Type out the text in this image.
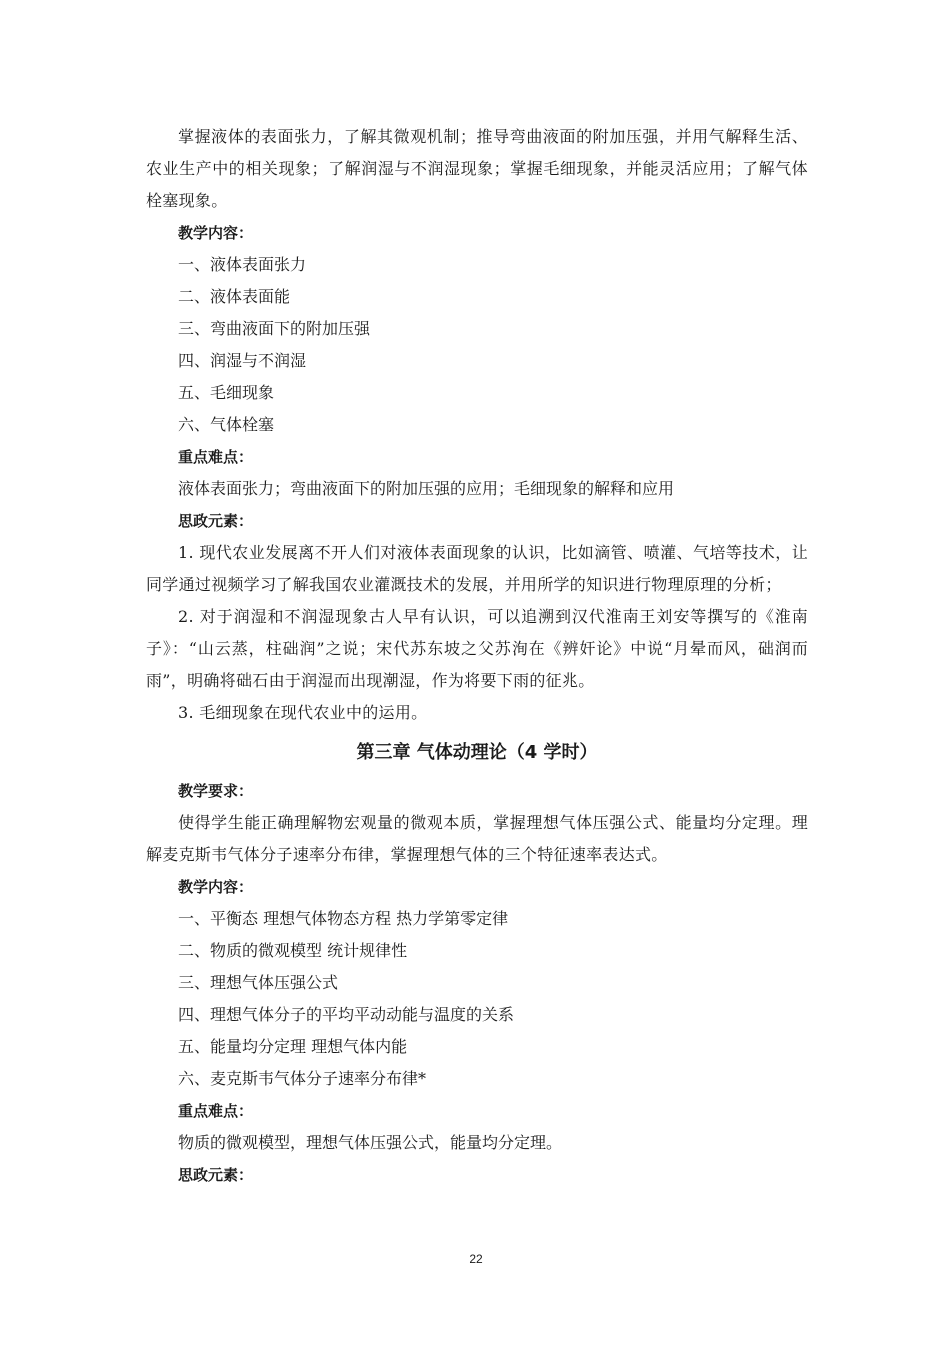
掌握液体的表面张力，了解其微观机制；推导弯曲液面的附加压强，并用气解释生活、农业生产中的相关现象；了解润湿与不润湿现象；掌握毛细现象，并能灵活应用；了解气体栓塞现象。

教学内容：

一、液体表面张力

二、液体表面能

三、弯曲液面下的附加压强

四、润湿与不润湿

五、毛细现象

六、气体栓塞

重点难点：

液体表面张力；弯曲液面下的附加压强的应用；毛细现象的解释和应用

思政元素：

1. 现代农业发展离不开人们对液体表面现象的认识，比如滴管、喷灌、气培等技术，让同学通过视频学习了解我国农业灌溉技术的发展，并用所学的知识进行物理原理的分析；

2. 对于润湿和不润湿现象古人早有认识，可以追溯到汉代淮南王刘安等撰写的《淮南子》：“山云蒸，柱础润”之说；宋代苏东坡之父苏洵在《辨奸论》中说“月晕而风，础润而雨”，明确将础石由于润湿而出现潮湿，作为将要下雨的征兆。

3. 毛细现象在现代农业中的运用。

第三章 气体动理论（4 学时）

教学要求：

使得学生能正确理解物宏观量的微观本质，掌握理想气体压强公式、能量均分定理。理解麦克斯韦气体分子速率分布律，掌握理想气体的三个特征速率表达式。

教学内容：

一、平衡态 理想气体物态方程 热力学第零定律

二、物质的微观模型 统计规律性

三、理想气体压强公式

四、理想气体分子的平均平动动能与温度的关系

五、能量均分定理 理想气体内能

六、麦克斯韦气体分子速率分布律*

重点难点：

物质的微观模型，理想气体压强公式，能量均分定理。

思政元素：

22
